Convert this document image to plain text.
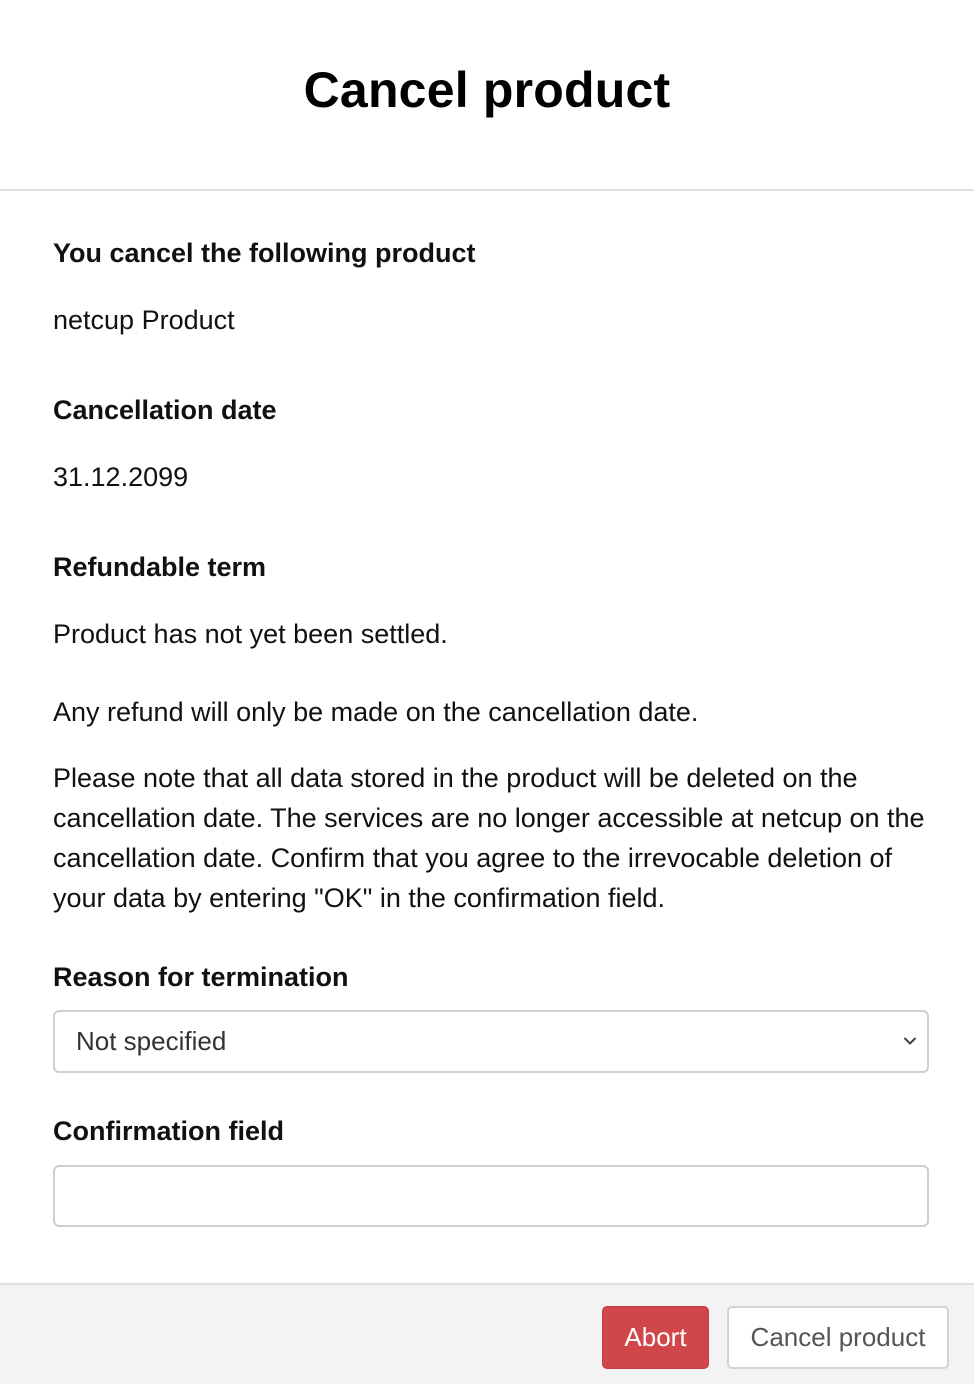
Cancel product
You cancel the following product
netcup Product
Cancellation date
31.12.2099
Refundable term
Product has not yet been settled.
Any refund will only be made on the cancellation date.
Please note that all data stored in the product will be deleted on the cancellation date. The services are no longer accessible at netcup on the cancellation date. Confirm that you agree to the irrevocable deletion of your data by entering "OK" in the confirmation field.
Reason for termination
Not specified
Confirmation field
Abort	Cancel product
